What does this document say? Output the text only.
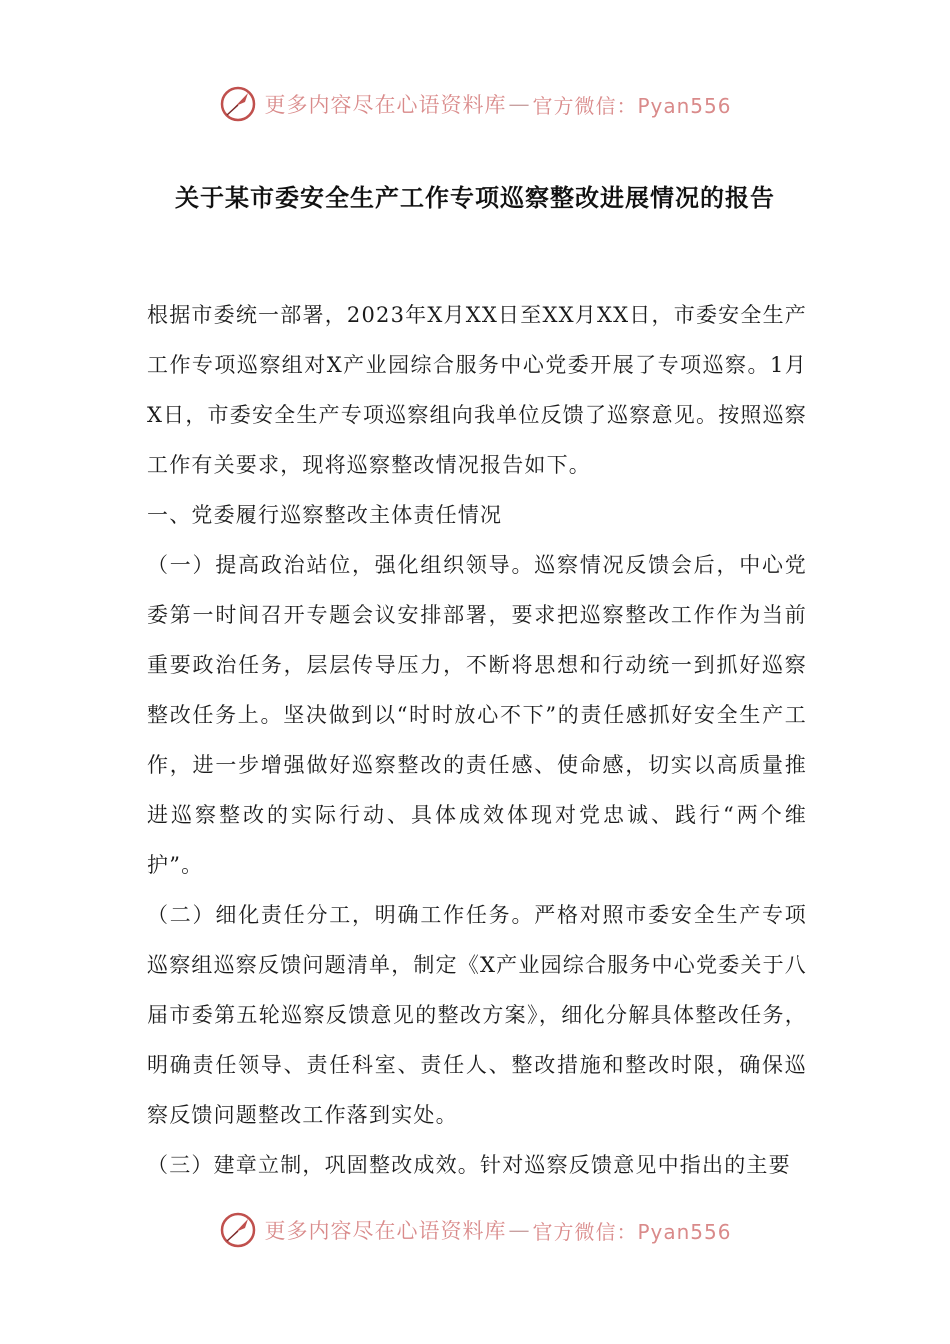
更多内容尽在心语资料库 — 官方微信：Pyan556
关于某市委安全生产工作专项巡察整改进展情况的报告

根据市委统一部署，2023年X月XX日至XX月XX日，市委安全生产工作专项巡察组对X产业园综合服务中心党委开展了专项巡察。1月X日，市委安全生产专项巡察组向我单位反馈了巡察意见。按照巡察工作有关要求，现将巡察整改情况报告如下。

一、党委履行巡察整改主体责任情况

（一）提高政治站位，强化组织领导。巡察情况反馈会后，中心党委第一时间召开专题会议安排部署，要求把巡察整改工作作为当前重要政治任务，层层传导压力，不断将思想和行动统一到抓好巡察整改任务上。坚决做到以“时时放心不下”的责任感抓好安全生产工作，进一步增强做好巡察整改的责任感、使命感，切实以高质量推进巡察整改的实际行动、具体成效体现对党忠诚、践行“两个维护”。

（二）细化责任分工，明确工作任务。严格对照市委安全生产专项巡察组巡察反馈问题清单，制定《X产业园综合服务中心党委关于八届市委第五轮巡察反馈意见的整改方案》，细化分解具体整改任务，明确责任领导、责任科室、责任人、整改措施和整改时限，确保巡察反馈问题整改工作落到实处。

（三）建章立制，巩固整改成效。针对巡察反馈意见中指出的主要

更多内容尽在心语资料库 — 官方微信：Pyan556
